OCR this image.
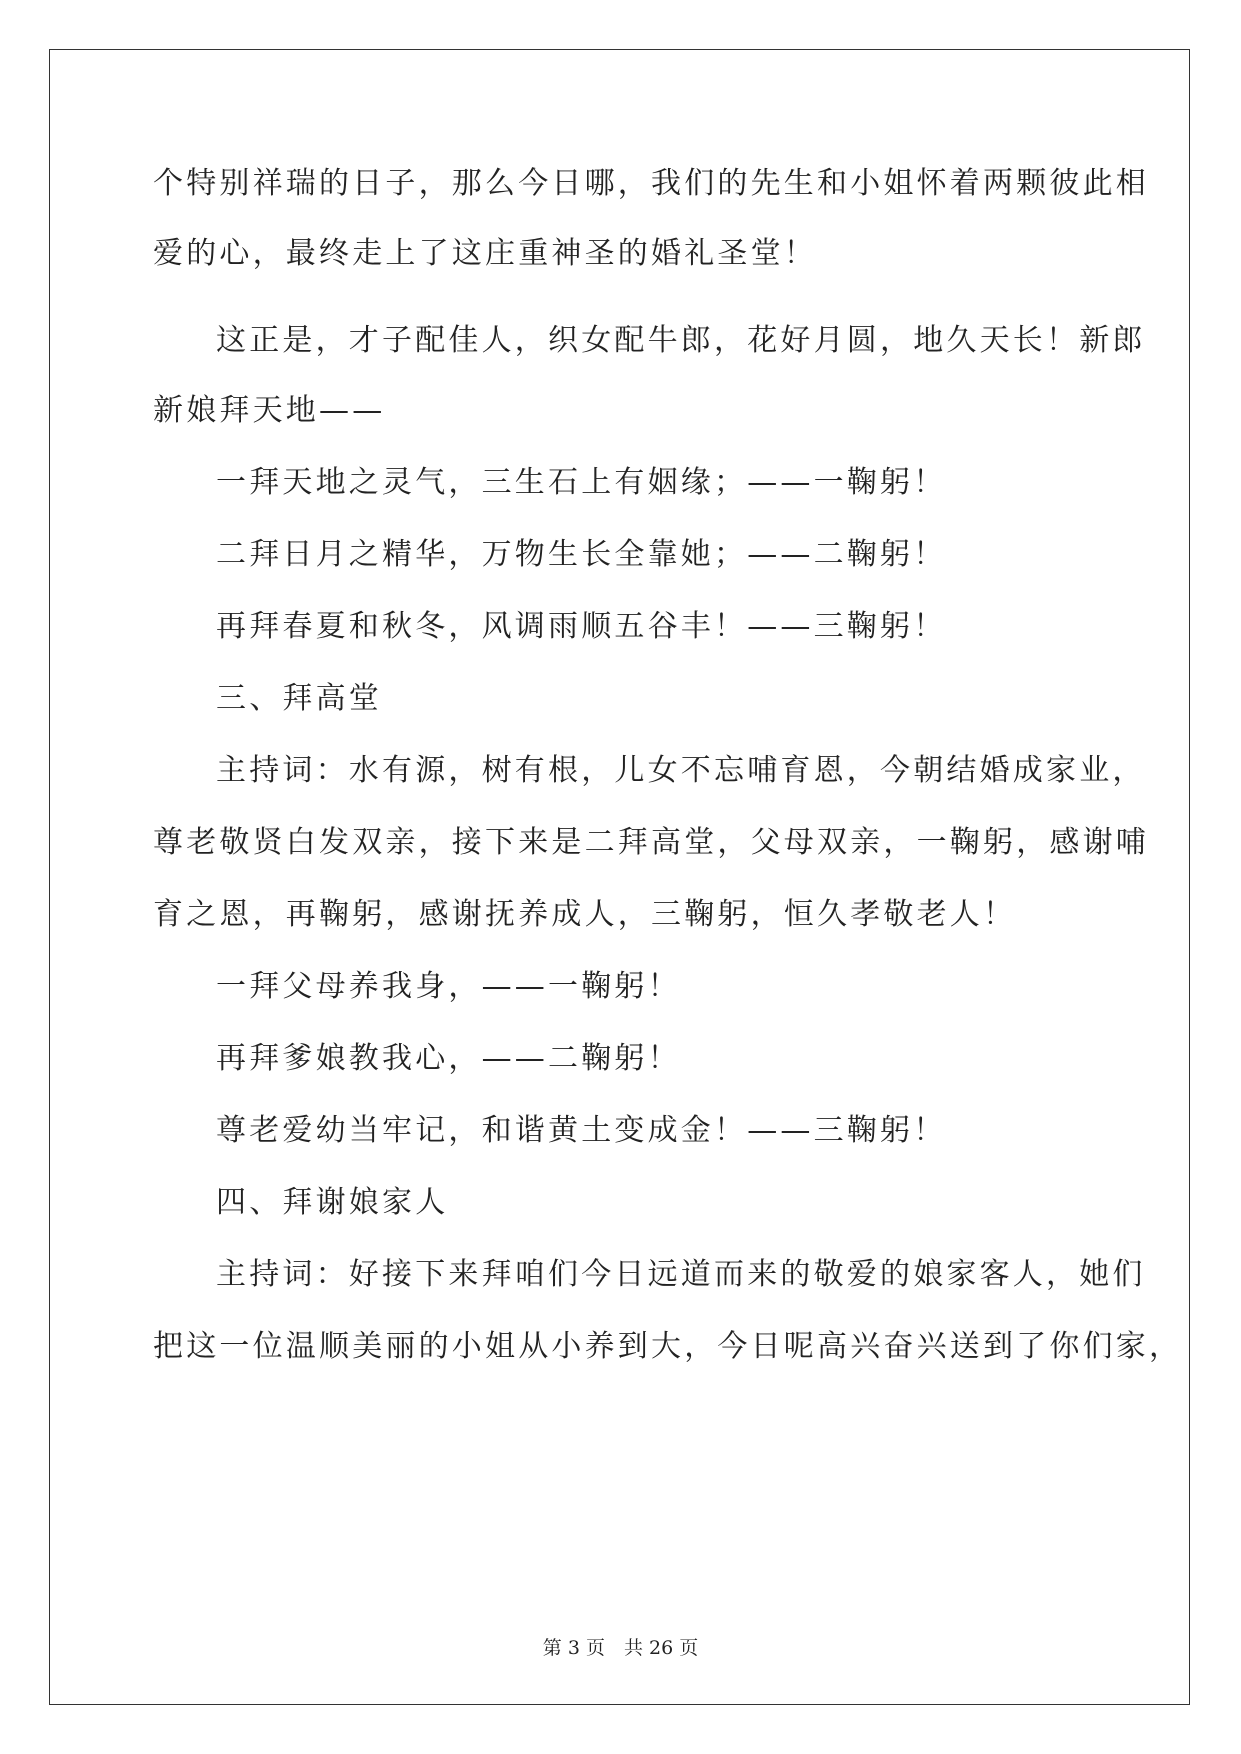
个特别祥瑞的日子，那么今日哪，我们的先生和小姐怀着两颗彼此相
爱的心，最终走上了这庄重神圣的婚礼圣堂！
这正是，才子配佳人，织女配牛郎，花好月圆，地久天长！新郎
新娘拜天地——
一拜天地之灵气，三生石上有姻缘；——一鞠躬！
二拜日月之精华，万物生长全靠她；——二鞠躬！
再拜春夏和秋冬，风调雨顺五谷丰！——三鞠躬！
三、拜高堂
主持词：水有源，树有根，儿女不忘哺育恩，今朝结婚成家业，
尊老敬贤白发双亲，接下来是二拜高堂，父母双亲，一鞠躬，感谢哺
育之恩，再鞠躬，感谢抚养成人，三鞠躬，恒久孝敬老人！
一拜父母养我身，——一鞠躬！
再拜爹娘教我心，——二鞠躬！
尊老爱幼当牢记，和谐黄土变成金！——三鞠躬！
四、拜谢娘家人
主持词：好接下来拜咱们今日远道而来的敬爱的娘家客人，她们
把这一位温顺美丽的小姐从小养到大，今日呢高兴奋兴送到了你们家，
第 3 页　共 26 页
